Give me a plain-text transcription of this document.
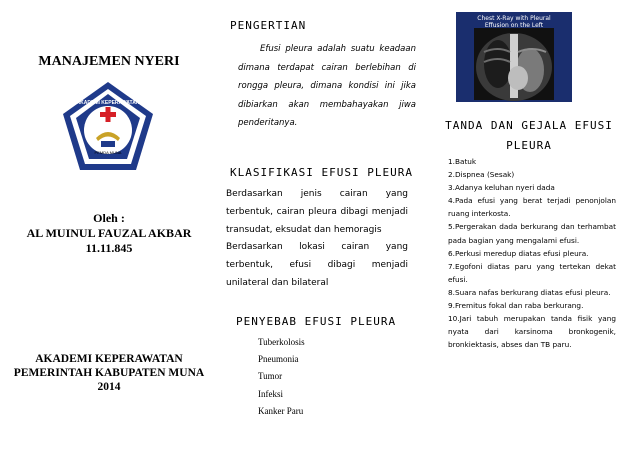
MANAJEMEN NYERI
PEMDA MUNA
AKADEMI KEPERAWATAN
Oleh :
AL MUINUL FAUZAL AKBAR
11.11.845
AKADEMI KEPERAWATAN
PEMERINTAH KABUPATEN MUNA
2014
PENGERTIAN
Efusi pleura adalah suatu keadaan dimana terdapat cairan berlebihan di rongga pleura, dimana kondisi ini jika dibiarkan akan membahayakan jiwa penderitanya.
KLASIFIKASI EFUSI PLEURA
Berdasarkan jenis cairan yang terbentuk, cairan pleura dibagi menjadi transudat, eksudat dan hemoragis
Berdasarkan lokasi cairan yang terbentuk, efusi dibagi menjadi unilateral dan bilateral
PENYEBAB EFUSI PLEURA
Tuberkolosis
Pneumonia
Tumor
Infeksi
Kanker Paru
Chest X-Ray with Pleural
Effusion on the Left
TANDA DAN GEJALA EFUSI
PLEURA
1.Batuk
2.Dispnea (Sesak)
3.Adanya keluhan nyeri dada
4.Pada efusi yang berat terjadi penonjolan ruang interkosta.
5.Pergerakan dada berkurang dan terhambat pada bagian yang mengalami efusi.
6.Perkusi meredup diatas efusi pleura.
7.Egofoni diatas paru yang tertekan dekat efusi.
8.Suara nafas berkurang diatas efusi pleura.
9.Fremitus fokal dan raba berkurang.
10.Jari tabuh merupakan tanda fisik yang nyata dari karsinoma bronkogenik, bronkiektasis, abses dan TB paru.
